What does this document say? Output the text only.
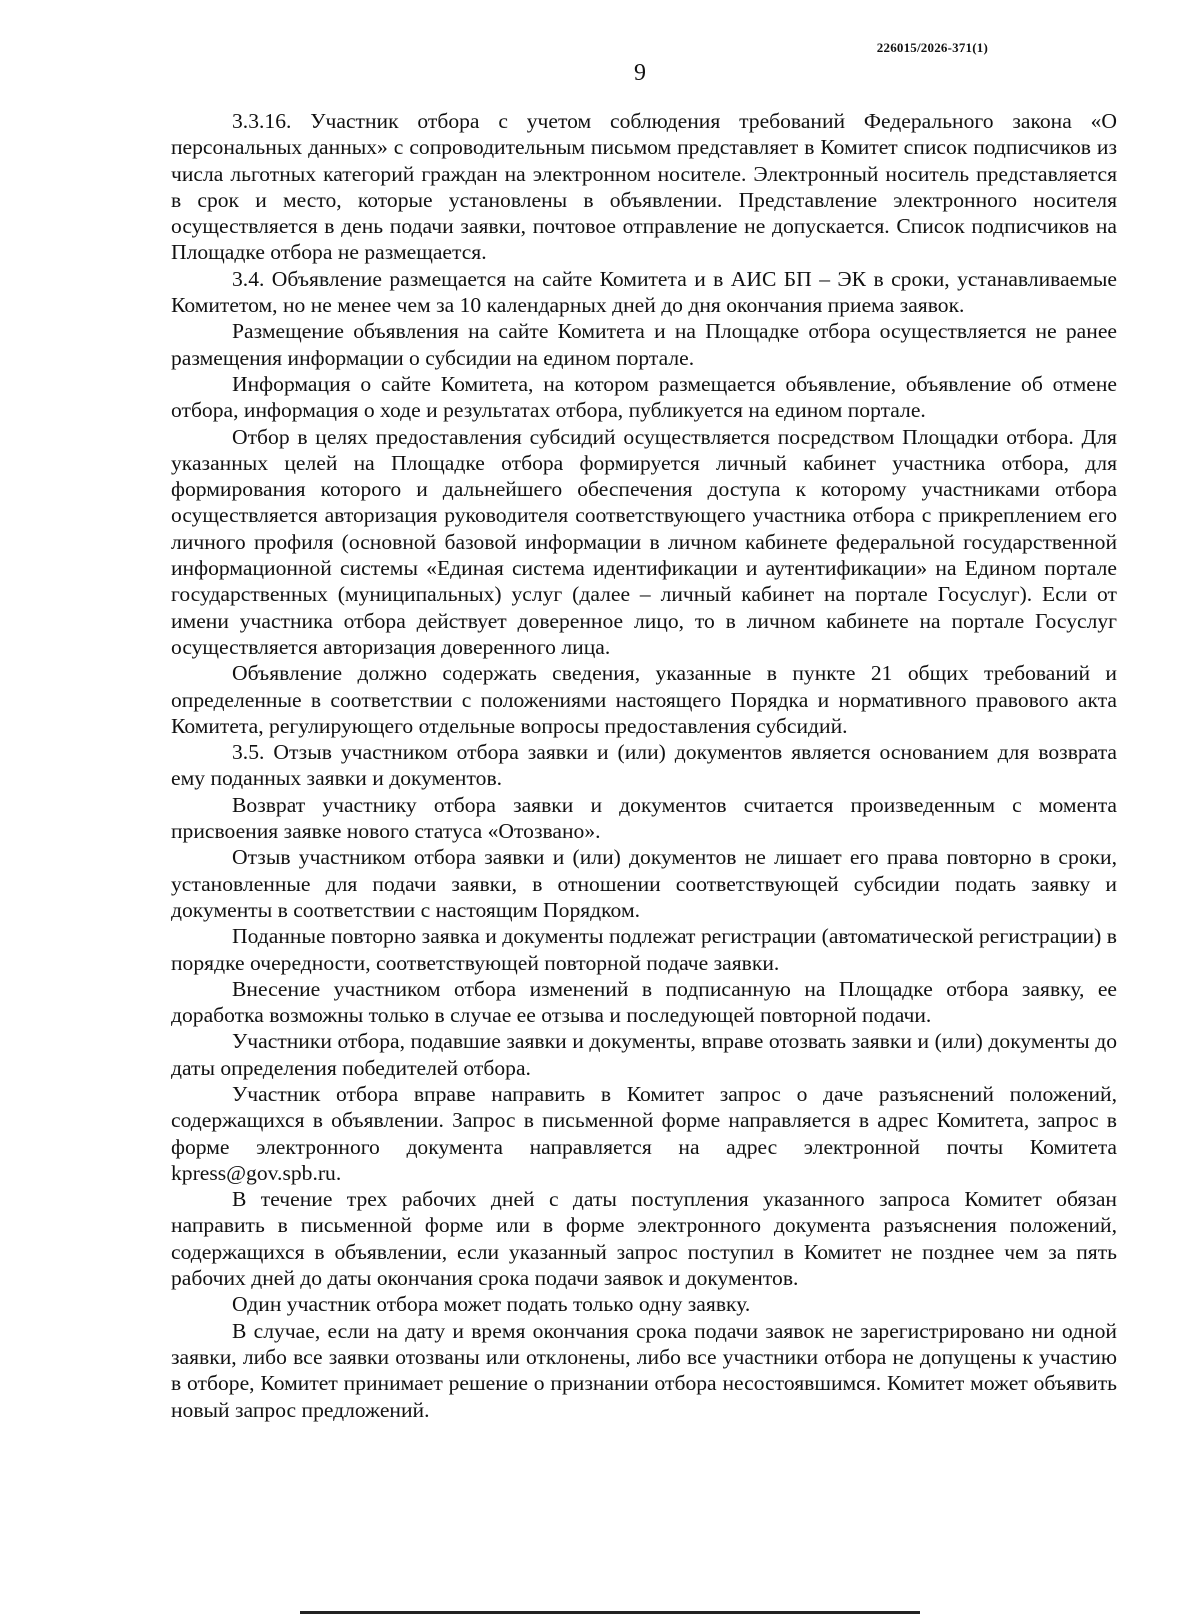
226015/2026-371(1)
9

3.3.16. Участник отбора с учетом соблюдения требований Федерального закона «О персональных данных» с сопроводительным письмом представляет в Комитет список подписчиков из числа льготных категорий граждан на электронном носителе. Электронный носитель представляется в срок и место, которые установлены в объявлении. Представление электронного носителя осуществляется в день подачи заявки, почтовое отправление не допускается. Список подписчиков на Площадке отбора не размещается.

3.4. Объявление размещается на сайте Комитета и в АИС БП – ЭК в сроки, устанавливаемые Комитетом, но не менее чем за 10 календарных дней до дня окончания приема заявок.

Размещение объявления на сайте Комитета и на Площадке отбора осуществляется не ранее размещения информации о субсидии на едином портале.

Информация о сайте Комитета, на котором размещается объявление, объявление об отмене отбора, информация о ходе и результатах отбора, публикуется на едином портале.

Отбор в целях предоставления субсидий осуществляется посредством Площадки отбора. Для указанных целей на Площадке отбора формируется личный кабинет участника отбора, для формирования которого и дальнейшего обеспечения доступа к которому участниками отбора осуществляется авторизация руководителя соответствующего участника отбора с прикреплением его личного профиля (основной базовой информации в личном кабинете федеральной государственной информационной системы «Единая система идентификации и аутентификации» на Едином портале государственных (муниципальных) услуг (далее – личный кабинет на портале Госуслуг). Если от имени участника отбора действует доверенное лицо, то в личном кабинете на портале Госуслуг осуществляется авторизация доверенного лица.

Объявление должно содержать сведения, указанные в пункте 21 общих требований и определенные в соответствии с положениями настоящего Порядка и нормативного правового акта Комитета, регулирующего отдельные вопросы предоставления субсидий.

3.5. Отзыв участником отбора заявки и (или) документов является основанием для возврата ему поданных заявки и документов.

Возврат участнику отбора заявки и документов считается произведенным с момента присвоения заявке нового статуса «Отозвано».

Отзыв участником отбора заявки и (или) документов не лишает его права повторно в сроки, установленные для подачи заявки, в отношении соответствующей субсидии подать заявку и документы в соответствии с настоящим Порядком.

Поданные повторно заявка и документы подлежат регистрации (автоматической регистрации) в порядке очередности, соответствующей повторной подаче заявки.

Внесение участником отбора изменений в подписанную на Площадке отбора заявку, ее доработка возможны только в случае ее отзыва и последующей повторной подачи.

Участники отбора, подавшие заявки и документы, вправе отозвать заявки и (или) документы до даты определения победителей отбора.

Участник отбора вправе направить в Комитет запрос о даче разъяснений положений, содержащихся в объявлении. Запрос в письменной форме направляется в адрес Комитета, запрос в форме электронного документа направляется на адрес электронной почты Комитета kpress@gov.spb.ru.

В течение трех рабочих дней с даты поступления указанного запроса Комитет обязан направить в письменной форме или в форме электронного документа разъяснения положений, содержащихся в объявлении, если указанный запрос поступил в Комитет не позднее чем за пять рабочих дней до даты окончания срока подачи заявок и документов.

Один участник отбора может подать только одну заявку.

В случае, если на дату и время окончания срока подачи заявок не зарегистрировано ни одной заявки, либо все заявки отозваны или отклонены, либо все участники отбора не допущены к участию в отборе, Комитет принимает решение о признании отбора несостоявшимся. Комитет может объявить новый запрос предложений.
